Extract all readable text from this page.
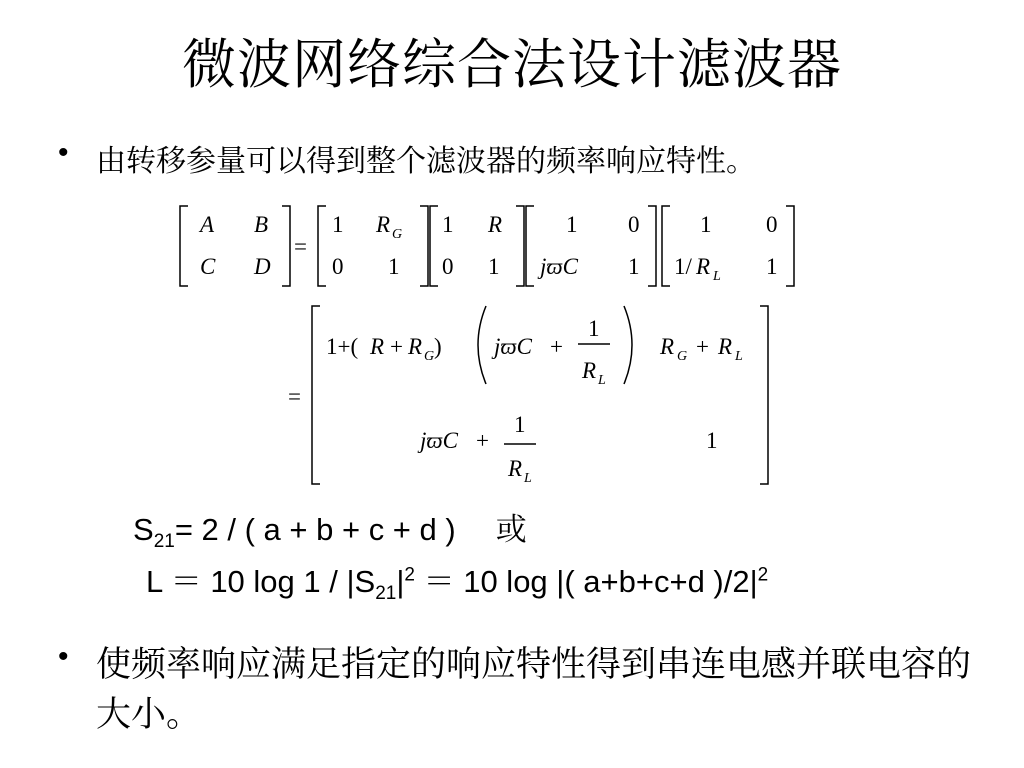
微波网络综合法设计滤波器
• 由转移参量可以得到整个滤波器的频率响应特性。
A B
C D
=
1 R G
0 1
1 R
0 1
1 0
jϖC 1
1 0
1/ R L 1
=
1+( R + R G ) jϖC +
1
R L
R G + R L
jϖC +
1
R L
1
$S_{21}= 2$ / ( a + b + c + d ) 或
L ＝ 10 $\log 1 / |S_{21}|^2 = 10$ log |( a+b+c+d )$/2|^2$
• 使频率响应满足指定的响应特性得到串连电感并联电容的大小。
